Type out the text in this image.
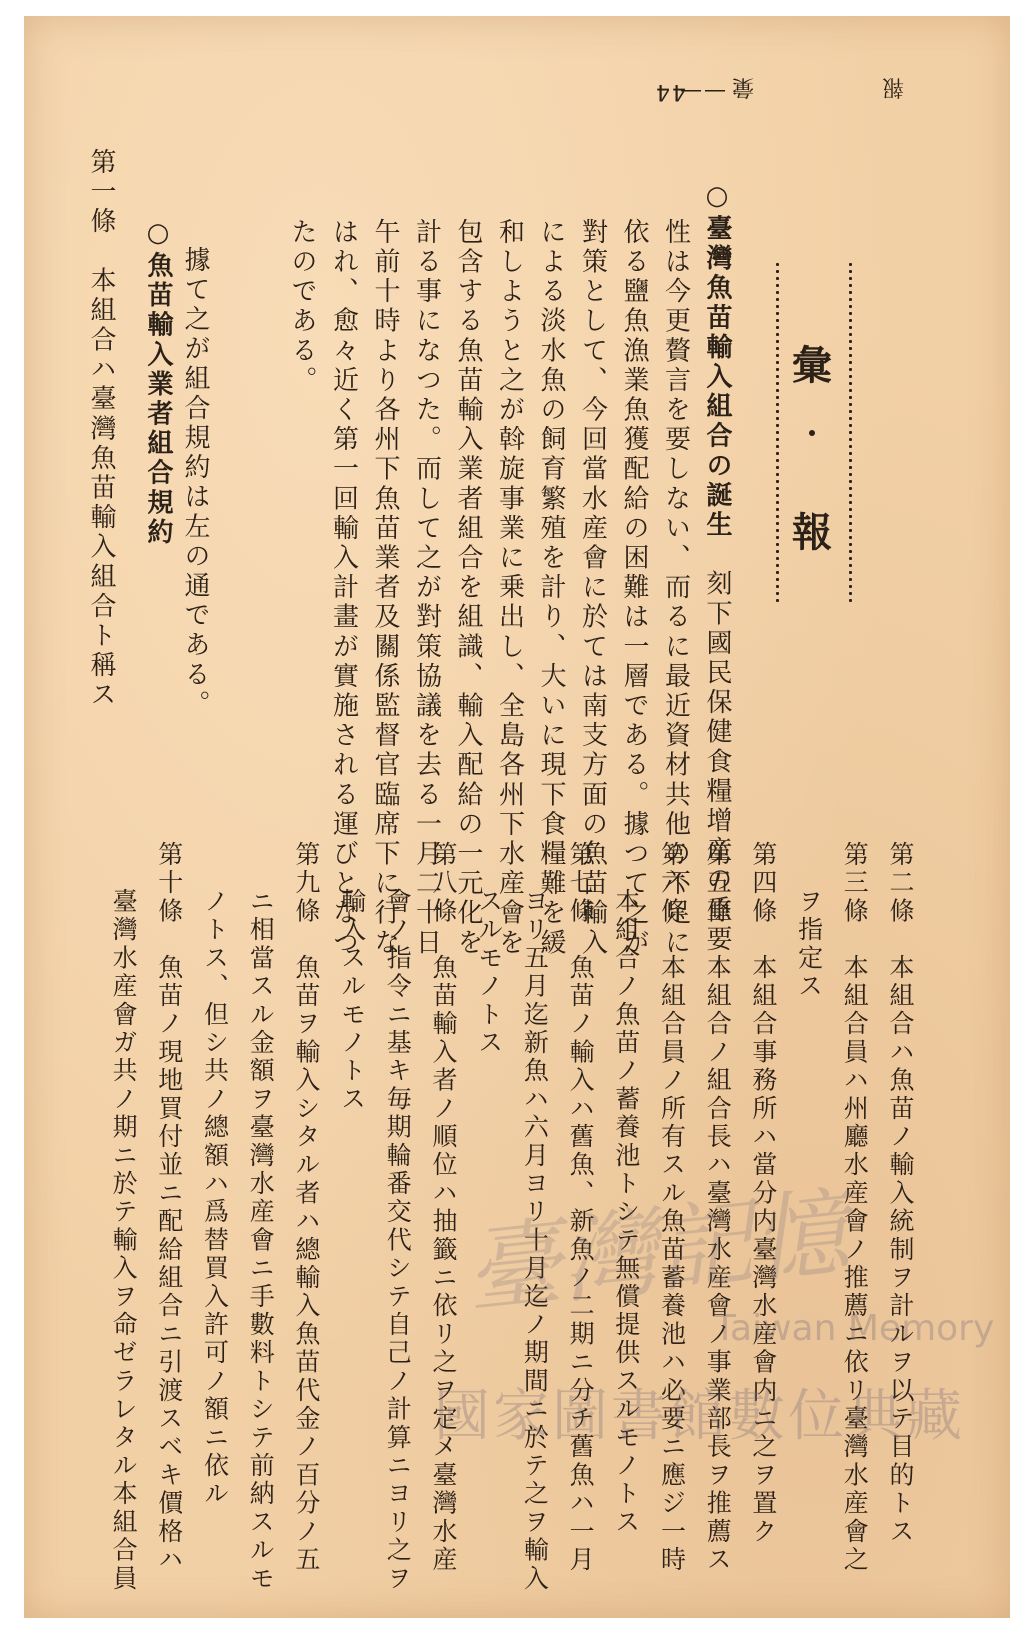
報
彙
——
44
彙
報
○臺灣魚苗輸入組合の誕生　刻下國民保健食糧增産の重要
性は今更贅言を要しない、而るに最近資材共他の不足に
依る鹽魚漁業魚獲配給の困難は一層である。據つて之が
對策として、今回當水産會に於ては南支方面の魚苗輸入
による淡水魚の飼育繁殖を計り、大いに現下食糧難を緩
和しようと之が斡旋事業に乗出し、全島各州下水産會を
包含する魚苗輸入業者組合を組識、輸入配給の一元化を
計る事になつた。而して之が對策協議を去る一月二十日
午前十時より各州下魚苗業者及關係監督官臨席下に行な
はれ、愈々近く第一回輸入計畫が實施される運びとなつ
たのである。
據て之が組合規約は左の通である。
○魚苗輸入業者組合規約
第一條　本組合ハ臺灣魚苗輸入組合ト稱ス
第二條　本組合ハ魚苗ノ輸入統制ヲ計ルヲ以テ目的トス
第三條　本組合員ハ州廳水産會ノ推薦ニ依リ臺灣水産會之
ヲ指定ス
第四條　本組合事務所ハ當分内臺灣水産會内ニ之ヲ置ク
第五條　本組合ノ組合長ハ臺灣水産會ノ事業部長ヲ推薦ス
第六條　本組合員ノ所有スル魚苗蓄養池ハ必要ニ應ジ一時
本組合ノ魚苗ノ蓄養池トシテ無償提供スルモノトス
第七條　魚苗ノ輸入ハ舊魚、新魚ノ二期ニ分チ舊魚ハ一月
ヨリ五月迄新魚ハ六月ヨリ十月迄ノ期間ニ於テ之ヲ輸入
スルモノトス
第八條　魚苗輸入者ノ順位ハ抽籤ニ依リ之ヲ定メ臺灣水産
會ノ指令ニ基キ毎期輪番交代シテ自己ノ計算ニヨリ之ヲ
輸入スルモノトス
第九條　魚苗ヲ輸入シタル者ハ總輸入魚苗代金ノ百分ノ五
ニ相當スル金額ヲ臺灣水産會ニ手數料トシテ前納スルモ
ノトス、但シ共ノ總額ハ爲替買入許可ノ額ニ依ル
第十條　魚苗ノ現地買付並ニ配給組合ニ引渡スベキ價格ハ
臺灣水産會ガ共ノ期ニ於テ輸入ヲ命ゼラレタル本組合員	臺灣記憶
Taiwan Memory
國家圖書館數位典藏
